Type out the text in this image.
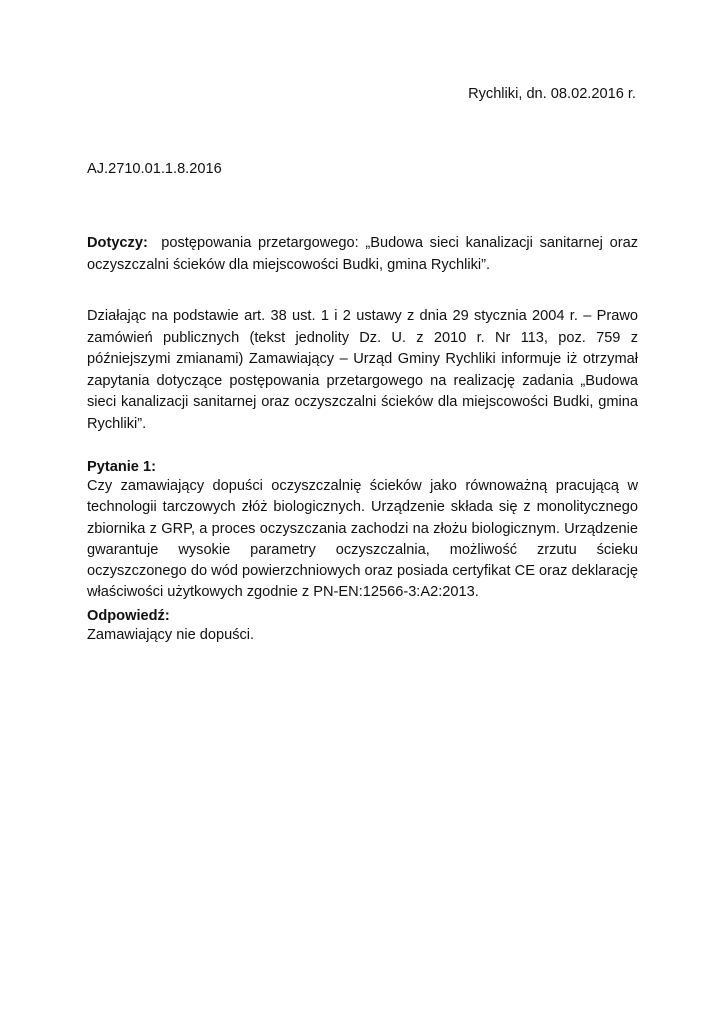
Rychliki, dn. 08.02.2016 r.
AJ.2710.01.1.8.2016
Dotyczy: postępowania przetargowego: „Budowa sieci kanalizacji sanitarnej oraz oczyszczalni ścieków dla miejscowości Budki, gmina Rychliki”.
Działając na podstawie art. 38 ust. 1 i 2 ustawy z dnia 29 stycznia 2004 r. – Prawo zamówień publicznych (tekst jednolity Dz. U. z 2010 r. Nr 113, poz. 759 z późniejszymi zmianami) Zamawiający – Urząd Gminy Rychliki informuje iż otrzymał zapytania dotyczące postępowania przetargowego na realizację zadania „Budowa sieci kanalizacji sanitarnej oraz oczyszczalni ścieków dla miejscowości Budki, gmina Rychliki”.
Pytanie 1:
Czy zamawiający dopuści oczyszczalnię ścieków jako równoważną pracującą w technologii tarczowych złóż biologicznych. Urządzenie składa się z monolitycznego zbiornika z GRP, a proces oczyszczania zachodzi na złożu biologicznym. Urządzenie gwarantuje wysokie parametry oczyszczalnia, możliwość zrzutu ścieku oczyszczonego do wód powierzchniowych oraz posiada certyfikat CE oraz deklarację właściwości użytkowych zgodnie z PN-EN:12566-3:A2:2013.
Odpowiedź:
Zamawiający nie dopuści.
